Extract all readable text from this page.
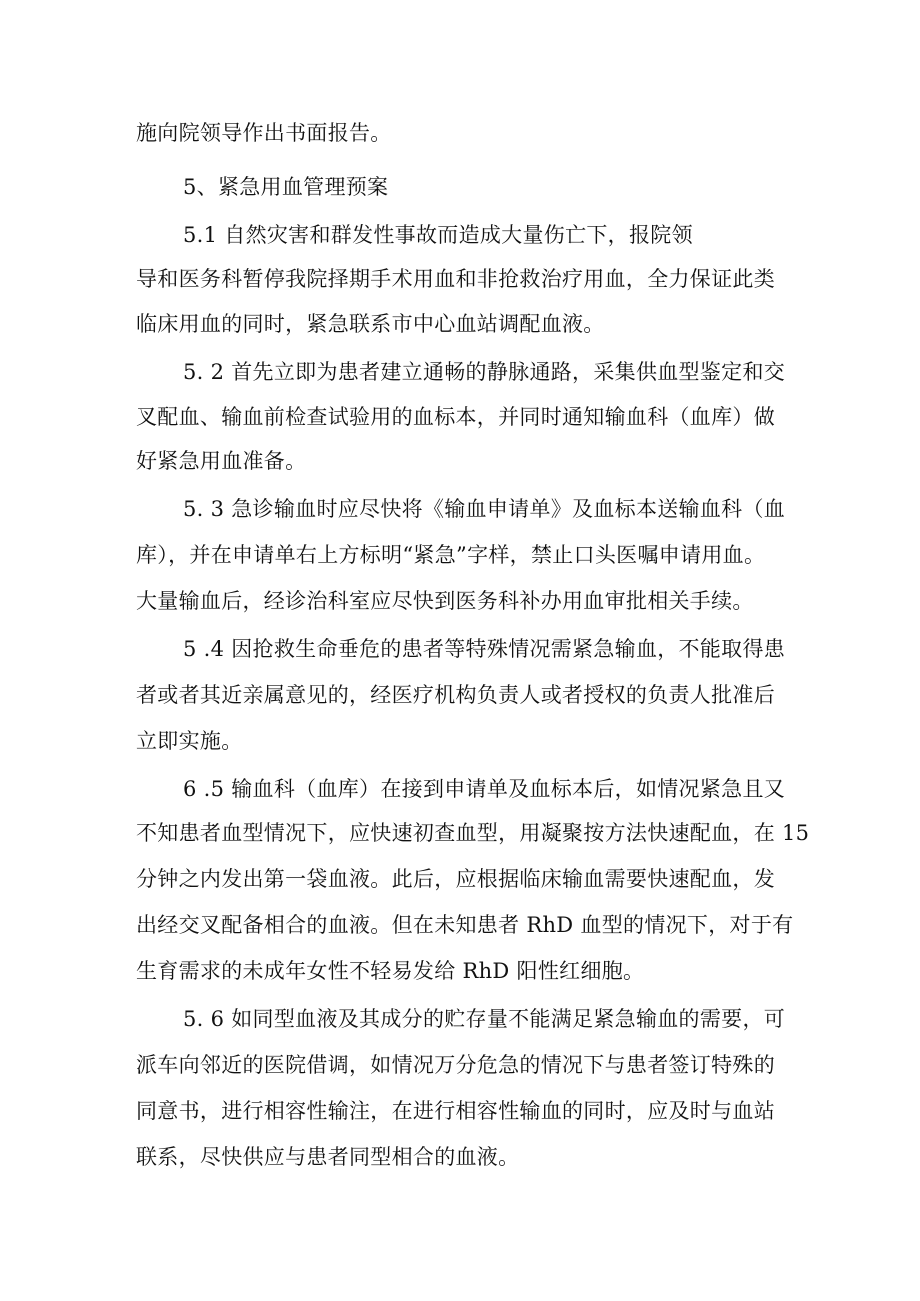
施向院领导作出书面报告。
5、紧急用血管理预案
5.1 自然灾害和群发性事故而造成大量伤亡下，报院领
导和医务科暂停我院择期手术用血和非抢救治疗用血，全力保证此类
临床用血的同时，紧急联系市中心血站调配血液。
5. 2 首先立即为患者建立通畅的静脉通路，采集供血型鉴定和交
叉配血、输血前检查试验用的血标本，并同时通知输血科（血库）做
好紧急用血准备。
5. 3 急诊输血时应尽快将《输血申请单》及血标本送输血科（血
库），并在申请单右上方标明“紧急”字样，禁止口头医嘱申请用血。
大量输血后，经诊治科室应尽快到医务科补办用血审批相关手续。
5 .4 因抢救生命垂危的患者等特殊情况需紧急输血，不能取得患
者或者其近亲属意见的，经医疗机构负责人或者授权的负责人批准后
立即实施。
6 .5 输血科（血库）在接到申请单及血标本后，如情况紧急且又
不知患者血型情况下，应快速初查血型，用凝聚按方法快速配血，在 15
分钟之内发出第一袋血液。此后，应根据临床输血需要快速配血，发
出经交叉配备相合的血液。但在未知患者 RhD 血型的情况下，对于有
生育需求的未成年女性不轻易发给 RhD 阳性红细胞。
5. 6 如同型血液及其成分的贮存量不能满足紧急输血的需要，可
派车向邻近的医院借调，如情况万分危急的情况下与患者签订特殊的
同意书，进行相容性输注，在进行相容性输血的同时，应及时与血站
联系，尽快供应与患者同型相合的血液。
